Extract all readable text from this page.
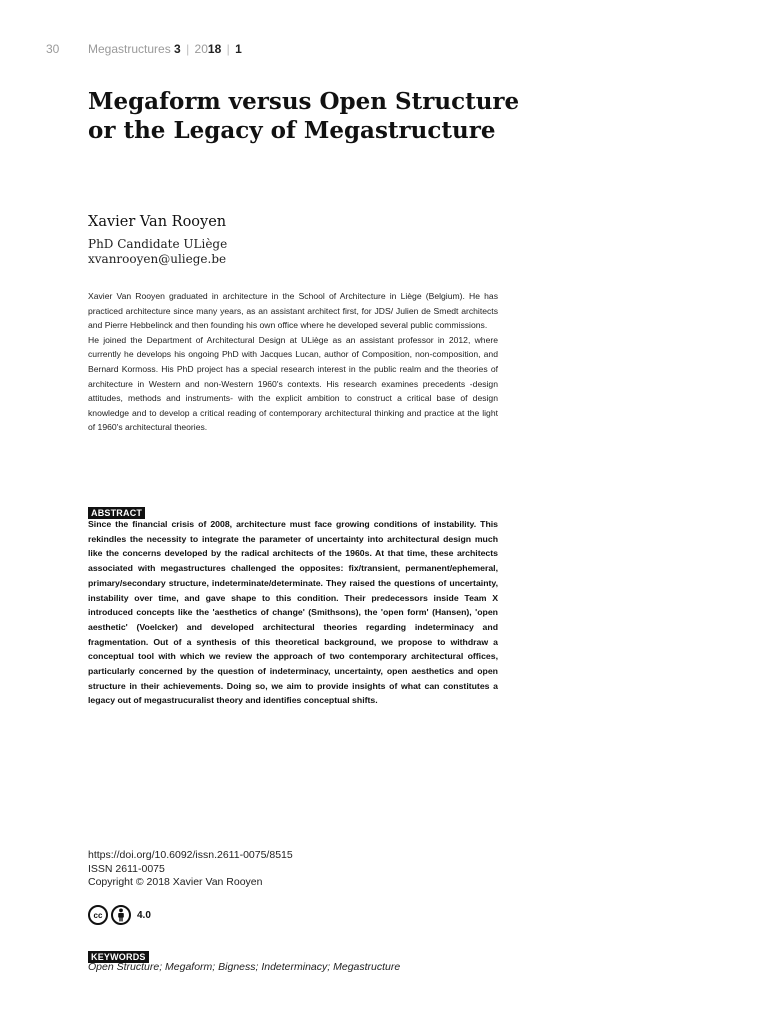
30 Megastructures 3 | 2018 | 1
Megaform versus Open Structure
or the Legacy of Megastructure
Xavier Van Rooyen
PhD Candidate ULiège
xvanrooyen@uliege.be

Xavier Van Rooyen graduated in architecture in the School of Architecture in Liège (Belgium). He has practiced architecture since many years, as an assistant architect first, for JDS/ Julien de Smedt architects and Pierre Hebbelinck and then founding his own office where he developed several public commissions.

He joined the Department of Architectural Design at ULiège as an assistant professor in 2012, where currently he develops his ongoing PhD with Jacques Lucan, author of Composition, non-composition, and Bernard Kormoss. His PhD project has a special research interest in the public realm and the theories of architecture in Western and non-Western 1960's contexts. His research examines precedents -design attitudes, methods and instruments- with the explicit ambition to construct a critical base of design knowledge and to develop a critical reading of contemporary architectural thinking and practice at the light of 1960's architectural theories.

ABSTRACT

Since the financial crisis of 2008, architecture must face growing conditions of instability. This rekindles the necessity to integrate the parameter of uncertainty into architectural design much like the concerns developed by the radical architects of the 1960s. At that time, these architects associated with megastructures challenged the opposites: fix/transient, permanent/ephemeral, primary/secondary structure, indeterminate/determinate. They raised the questions of uncertainty, instability over time, and gave shape to this condition. Their predecessors inside Team X introduced concepts like the 'aesthetics of change' (Smithsons), the 'open form' (Hansen), 'open aesthetic' (Voelcker) and developed architectural theories regarding indeterminacy and fragmentation. Out of a synthesis of this theoretical background, we propose to withdraw a conceptual tool with which we review the approach of two contemporary architectural offices, particularly concerned by the question of indeterminacy, uncertainty, open aesthetics and open structure in their achievements. Doing so, we aim to provide insights of what can constitutes a legacy out of megastrucuralist theory and identifies conceptual shifts.

https://doi.org/10.6092/issn.2611-0075/8515
ISSN 2611-0075
Copyright © 2018 Xavier Van Rooyen
cc	4.0
KEYWORDS
Open Structure; Megaform; Bigness; Indeterminacy; Megastructure
